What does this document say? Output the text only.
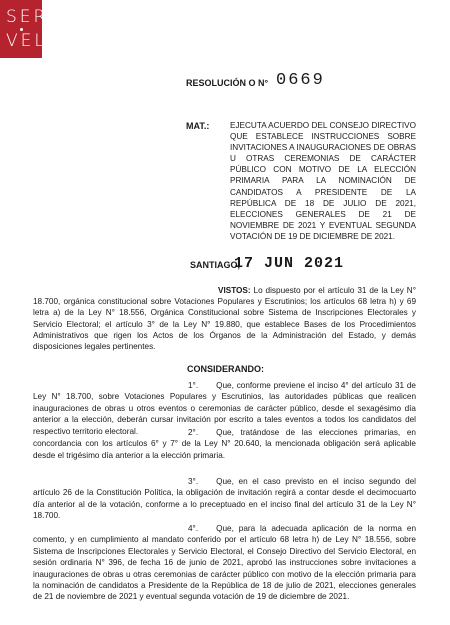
SER
VEL
RESOLUCIÓN O N° 0669
MAT.:	EJECUTA ACUERDO DEL CONSEJO DIRECTIVO QUE ESTABLECE INSTRUCCIONES SOBRE INVITACIONES A INAUGURACIONES DE OBRAS U OTRAS CEREMONIAS DE CARÁCTER PÚBLICO CON MOTIVO DE LA ELECCIÓN PRIMARIA PARA LA NOMINACIÓN DE CANDIDATOS A PRESIDENTE DE LA REPÚBLICA DE 18 DE JULIO DE 2021, ELECCIONES GENERALES DE 21 DE NOVIEMBRE DE 2021 Y EVENTUAL SEGUNDA VOTACIÓN DE 19 DE DICIEMBRE DE 2021.
SANTIAGO,
17 JUN 2021
VISTOS: Lo dispuesto por el artículo 31 de la Ley N° 18.700, orgánica constitucional sobre Votaciones Populares y Escrutinios; los artículos 68 letra h) y 69 letra a) de la Ley N° 18.556, Orgánica Constitucional sobre Sistema de Inscripciones Electorales y Servicio Electoral; el artículo 3° de la Ley N° 19.880, que establece Bases de los Procedimientos Administrativos que rigen los Actos de los Órganos de la Administración del Estado, y demás disposiciones legales pertinentes.
CONSIDERANDO:
1°. Que, conforme previene el inciso 4° del artículo 31 de Ley N° 18.700, sobre Votaciones Populares y Escrutinios, las autoridades públicas que realicen inauguraciones de obras u otros eventos o ceremonias de carácter público, desde el sexagésimo día anterior a la elección, deberán cursar invitación por escrito a tales eventos a todos los candidatos del respectivo territorio electoral.	2°. Que, tratándose de las elecciones primarias, en concordancia con los artículos 6° y 7° de la Ley N° 20.640, la mencionada obligación será aplicable desde el trigésimo día anterior a la elección primaria.
3°. Que, en el caso previsto en el inciso segundo del artículo 26 de la Constitución Política, la obligación de invitación regirá a contar desde el decimocuarto día anterior al de la votación, conforme a lo preceptuado en el inciso final del artículo 31 de la Ley N° 18.700.
4°. Que, para la adecuada aplicación de la norma en comento, y en cumplimiento al mandato conferido por el artículo 68 letra h) de Ley N° 18.556, sobre Sistema de Inscripciones Electorales y Servicio Electoral, el Consejo Directivo del Servicio Electoral, en sesión ordinaria N° 396, de fecha 16 de junio de 2021, aprobó las instrucciones sobre invitaciones a inauguraciones de obras u otras ceremonias de carácter público con motivo de la elección primaria para la nominación de candidatos a Presidente de la República de 18 de julio de 2021, elecciones generales de 21 de noviembre de 2021 y eventual segunda votación de 19 de diciembre de 2021.
